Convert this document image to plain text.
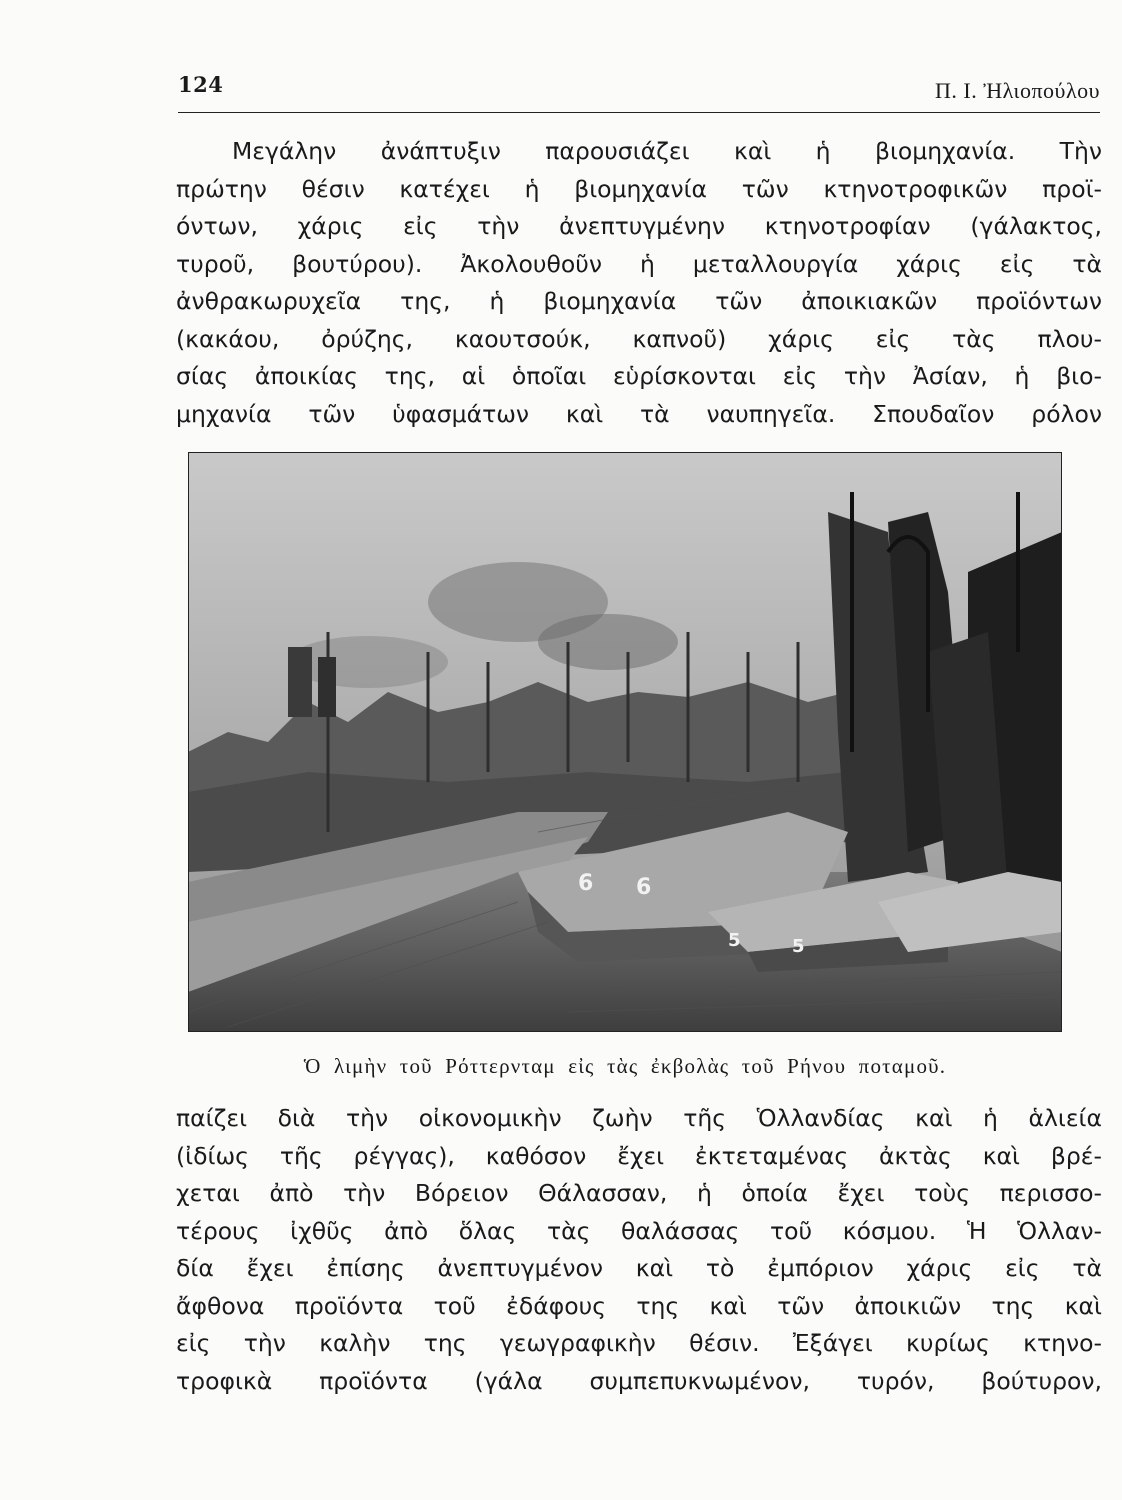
124	Π. Ι. Ἠλιοπούλου
Μεγάλην ἀνάπτυξιν παρουσιάζει καὶ ἡ βιομηχανία. Τὴν
πρώτην θέσιν κατέχει ἡ βιομηχανία τῶν κτηνοτροφικῶν προϊ-
όντων, χάρις εἰς τὴν ἀνεπτυγμένην κτηνοτροφίαν (γάλακτος,
τυροῦ, βουτύρου). Ἀκολουθοῦν ἡ μεταλλουργία χάρις εἰς τὰ
ἀνθρακωρυχεῖα της, ἡ βιομηχανία τῶν ἀποικιακῶν προϊόντων
(κακάου, ὀρύζης, καουτσούκ, καπνοῦ) χάρις εἰς τὰς πλου-
σίας ἀποικίας της, αἱ ὁποῖαι εὑρίσκονται εἰς τὴν Ἀσίαν, ἡ βιο-
μηχανία τῶν ὑφασμάτων καὶ τὰ ναυπηγεῖα. Σπουδαῖον ρόλον
6 6
5	5
Ὁ λιμὴν τοῦ Ρόττερνταμ εἰς τὰς ἐκβολὰς τοῦ Ρήνου ποταμοῦ.
παίζει διὰ τὴν οἰκονομικὴν ζωὴν τῆς Ὁλλανδίας καὶ ἡ ἁλιεία
(ἰδίως τῆς ρέγγας), καθόσον ἔχει ἐκτεταμένας ἀκτὰς καὶ βρέ-
χεται ἀπὸ τὴν Βόρειον Θάλασσαν, ἡ ὁποία ἔχει τοὺς περισσο-
τέρους ἰχθῦς ἀπὸ ὅλας τὰς θαλάσσας τοῦ κόσμου. Ἡ Ὁλλαν-
δία ἔχει ἐπίσης ἀνεπτυγμένον καὶ τὸ ἐμπόριον χάρις εἰς τὰ
ἄφθονα προϊόντα τοῦ ἐδάφους της καὶ τῶν ἀποικιῶν της καὶ
εἰς τὴν καλὴν της γεωγραφικὴν θέσιν. Ἐξάγει κυρίως κτηνο-
τροφικὰ προϊόντα (γάλα συμπεπυκνωμένον, τυρόν, βούτυρον,
